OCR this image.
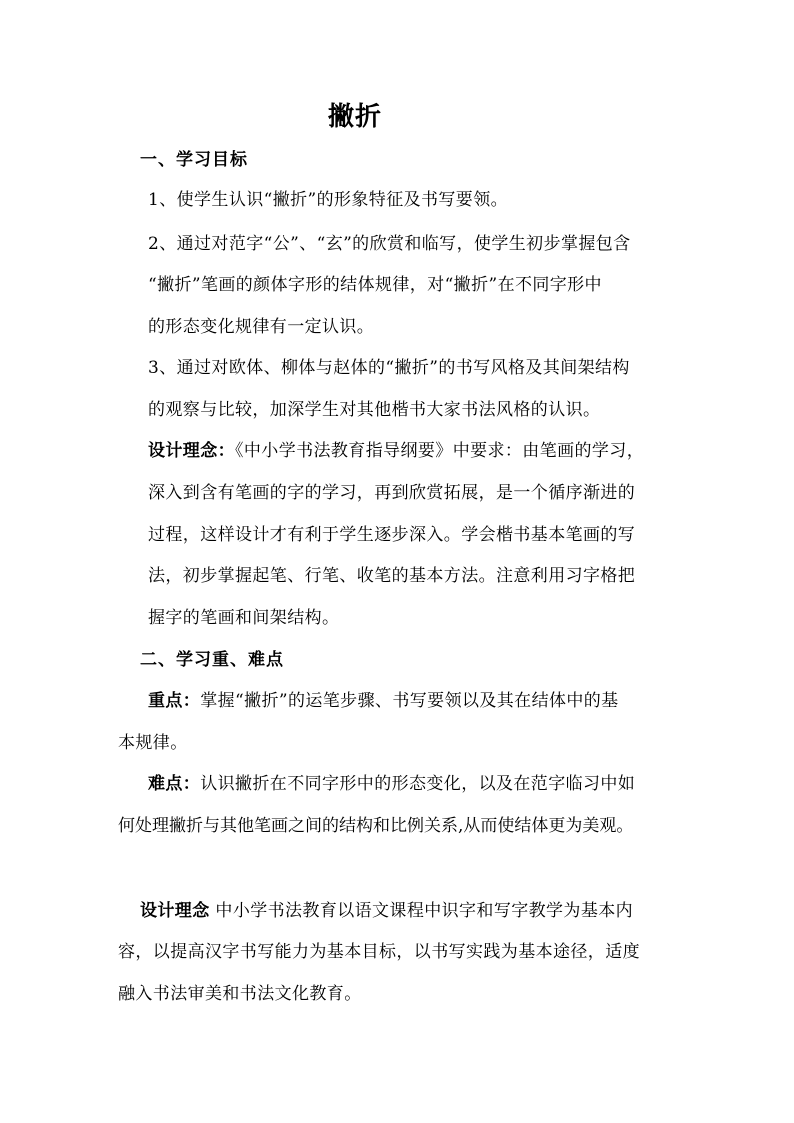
撇折
一、学习目标
1、使学生认识“撇折”的形象特征及书写要领。
2、通过对范字“公”、“玄”的欣赏和临写，使学生初步掌握包含
“撇折”笔画的颜体字形的结体规律，对“撇折”在不同字形中
的形态变化规律有一定认识。
3、通过对欧体、柳体与赵体的“撇折”的书写风格及其间架结构
的观察与比较，加深学生对其他楷书大家书法风格的认识。
设计理念：《中小学书法教育指导纲要》中要求：由笔画的学习，
深入到含有笔画的字的学习，再到欣赏拓展，是一个循序渐进的
过程，这样设计才有利于学生逐步深入。学会楷书基本笔画的写
法，初步掌握起笔、行笔、收笔的基本方法。注意利用习字格把
握字的笔画和间架结构。
二、学习重、难点
重点：掌握“撇折”的运笔步骤、书写要领以及其在结体中的基
本规律。
难点：认识撇折在不同字形中的形态变化，以及在范字临习中如
何处理撇折与其他笔画之间的结构和比例关系,从而使结体更为美观。
设计理念 中小学书法教育以语文课程中识字和写字教学为基本内
容，以提高汉字书写能力为基本目标，以书写实践为基本途径，适度
融入书法审美和书法文化教育。
